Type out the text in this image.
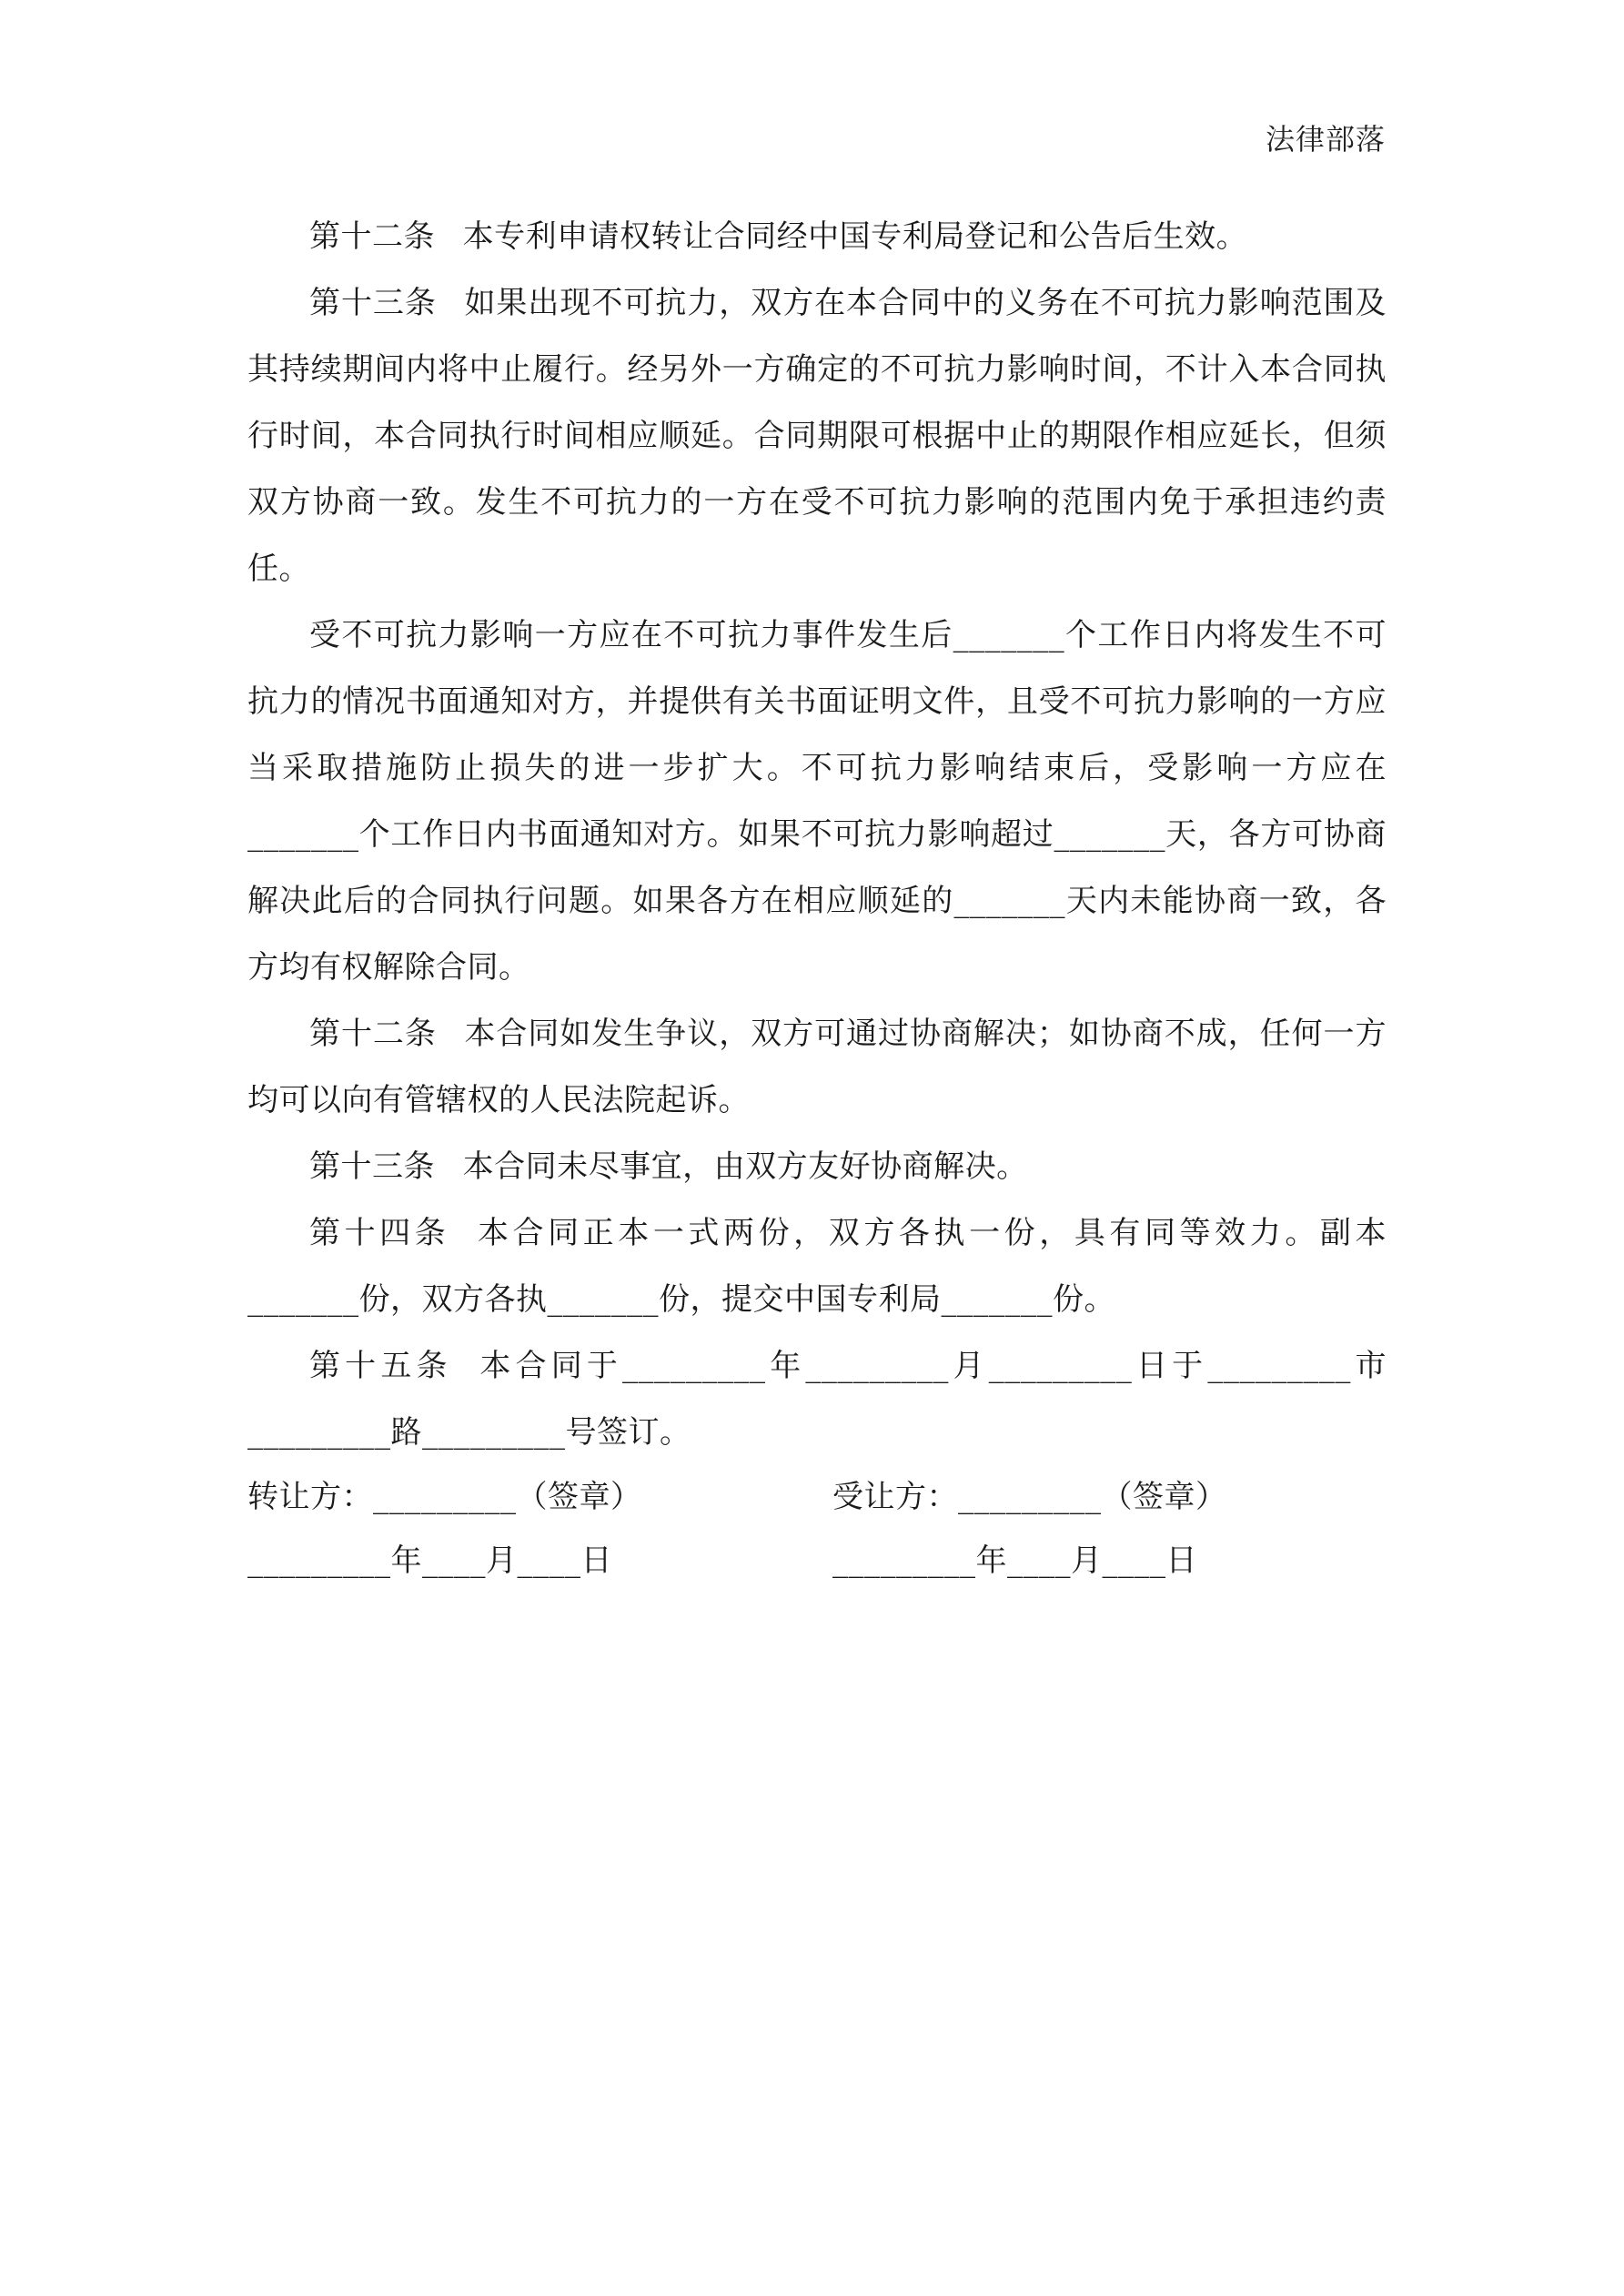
法律部落

第十二条 本专利申请权转让合同经中国专利局登记和公告后生效。

第十三条 如果出现不可抗力，双方在本合同中的义务在不可抗力影响范围及其持续期间内将中止履行。经另外一方确定的不可抗力影响时间，不计入本合同执行时间，本合同执行时间相应顺延。合同期限可根据中止的期限作相应延长，但须双方协商一致。发生不可抗力的一方在受不可抗力影响的范围内免于承担违约责任。

受不可抗力影响一方应在不可抗力事件发生后_______个工作日内将发生不可抗力的情况书面通知对方，并提供有关书面证明文件，且受不可抗力影响的一方应当采取措施防止损失的进一步扩大。不可抗力影响结束后，受影响一方应在_______个工作日内书面通知对方。如果不可抗力影响超过_______天，各方可协商解决此后的合同执行问题。如果各方在相应顺延的_______天内未能协商一致，各方均有权解除合同。

第十二条 本合同如发生争议，双方可通过协商解决；如协商不成，任何一方均可以向有管辖权的人民法院起诉。

第十三条 本合同未尽事宜，由双方友好协商解决。

第十四条 本合同正本一式两份，双方各执一份，具有同等效力。副本_______份，双方各执_______份，提交中国专利局_______份。

第十五条 本合同于_________年_________月_________日于_________市_________路_________号签订。

转让方：_________（签章）
_________年____月____日
受让方：_________（签章）
_________年____月____日
